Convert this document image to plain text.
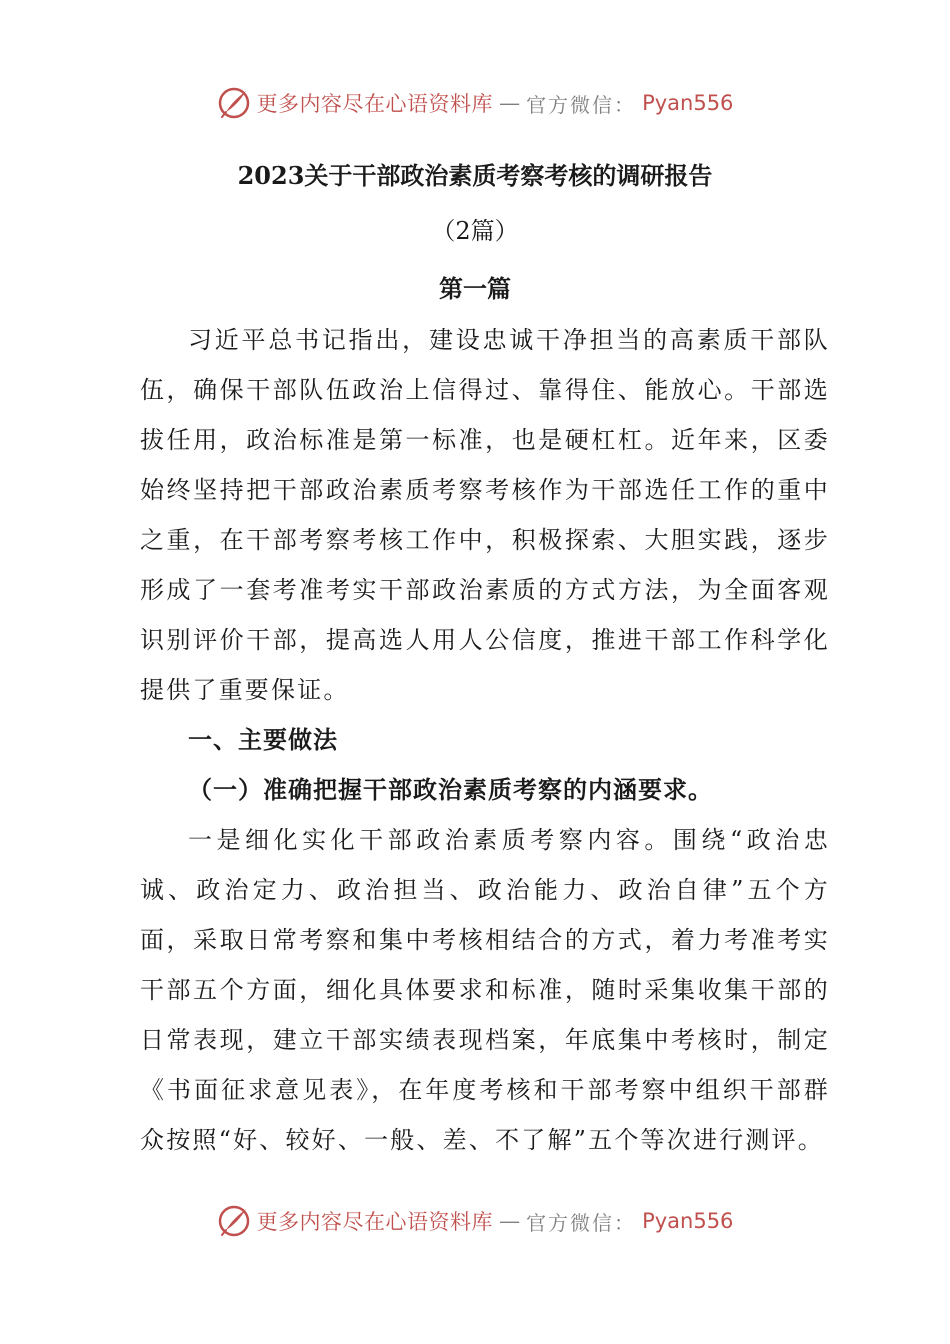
更多内容尽在心语资料库 — 官方微信： Pyan556
2023关于干部政治素质考察考核的调研报告
（2篇）
第一篇

习近平总书记指出，建设忠诚干净担当的高素质干部队伍，确保干部队伍政治上信得过、靠得住、能放心。干部选拔任用，政治标准是第一标准，也是硬杠杠。近年来，区委始终坚持把干部政治素质考察考核作为干部选任工作的重中之重，在干部考察考核工作中，积极探索、大胆实践，逐步形成了一套考准考实干部政治素质的方式方法，为全面客观识别评价干部，提高选人用人公信度，推进干部工作科学化提供了重要保证。

一、主要做法
（一）准确把握干部政治素质考察的内涵要求。

一是细化实化干部政治素质考察内容。围绕“政治忠诚、政治定力、政治担当、政治能力、政治自律”五个方面，采取日常考察和集中考核相结合的方式，着力考准考实干部五个方面，细化具体要求和标准，随时采集收集干部的日常表现，建立干部实绩表现档案，年底集中考核时，制定《书面征求意见表》，在年度考核和干部考察中组织干部群众按照“好、较好、一般、差、不了解”五个等次进行测评。

更多内容尽在心语资料库 — 官方微信： Pyan556
